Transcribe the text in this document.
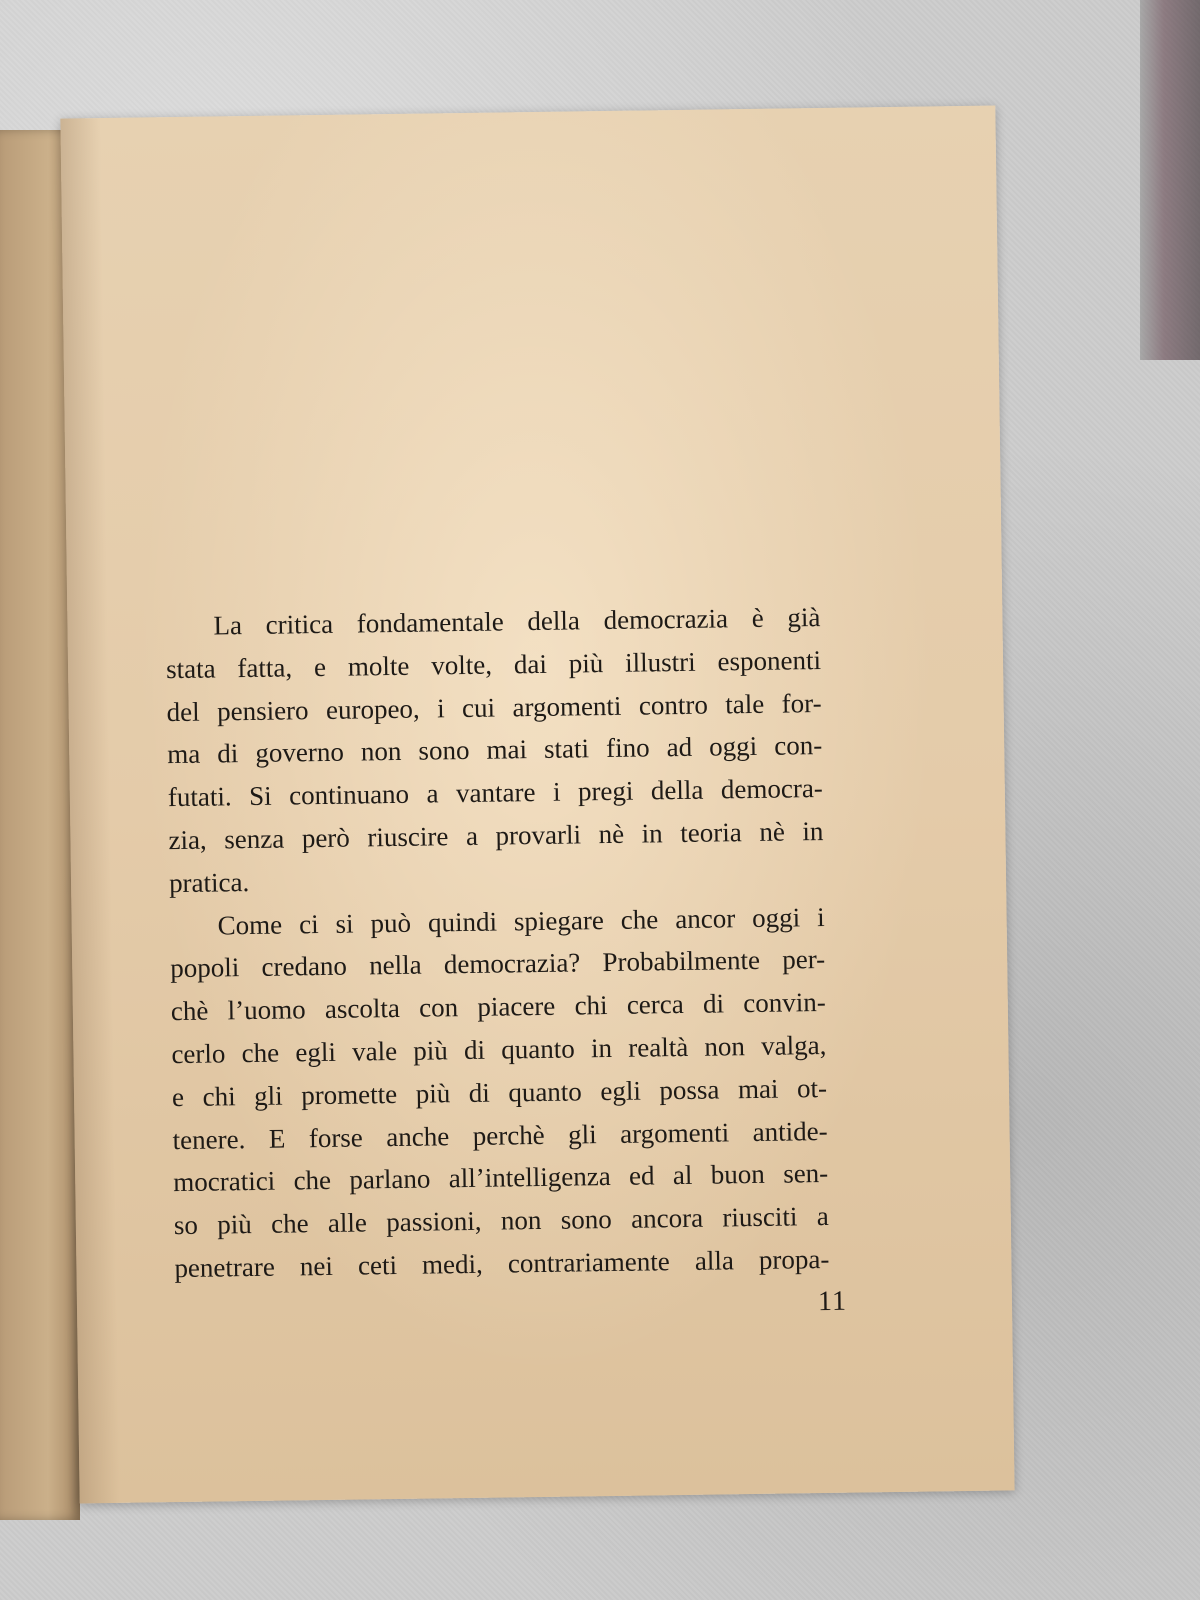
La critica fondamentale della democrazia è già
stata fatta, e molte volte, dai più illustri esponenti
del pensiero europeo, i cui argomenti contro tale for-
ma di governo non sono mai stati fino ad oggi con-
futati. Si continuano a vantare i pregi della democra-
zia, senza però riuscire a provarli nè in teoria nè in
pratica.

Come ci si può quindi spiegare che ancor oggi i
popoli credano nella democrazia? Probabilmente per-
chè l’uomo ascolta con piacere chi cerca di convin-
cerlo che egli vale più di quanto in realtà non valga,
e chi gli promette più di quanto egli possa mai ot-
tenere. E forse anche perchè gli argomenti antide-
mocratici che parlano all’intelligenza ed al buon sen-
so più che alle passioni, non sono ancora riusciti a
penetrare nei ceti medi, contrariamente alla propa-

11
